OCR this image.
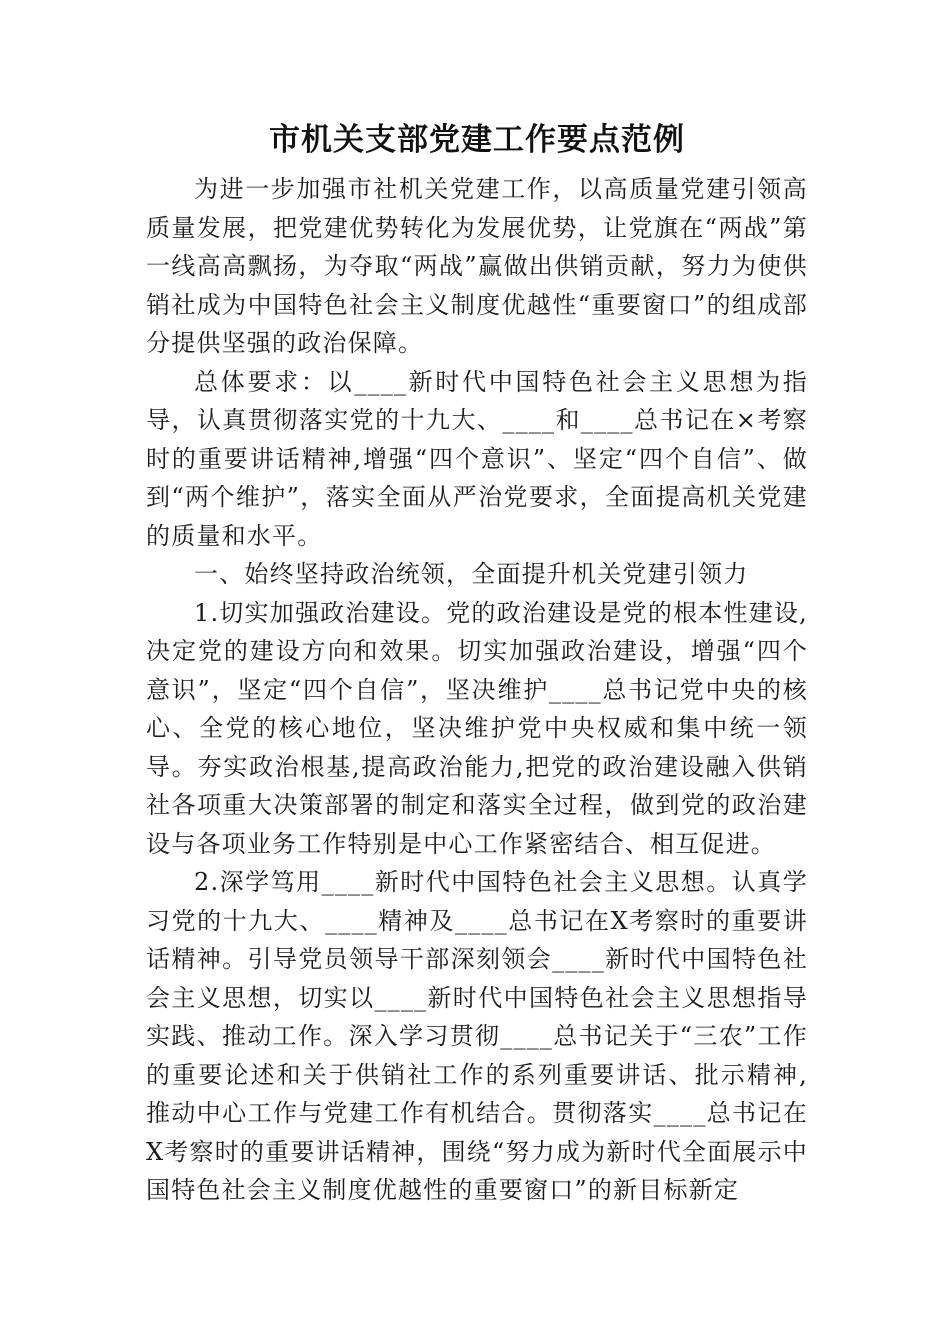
市机关支部党建工作要点范例

为进一步加强市社机关党建工作，以高质量党建引领高质量发展，把党建优势转化为发展优势，让党旗在“两战”第一线高高飘扬，为夺取“两战”赢做出供销贡献，努力为使供销社成为中国特色社会主义制度优越性“重要窗口”的组成部分提供坚强的政治保障。

总体要求：以____新时代中国特色社会主义思想为指导，认真贯彻落实党的十九大、____和____总书记在×考察时的重要讲话精神,增强“四个意识”、坚定“四个自信”、做到“两个维护”，落实全面从严治党要求，全面提高机关党建的质量和水平。

一、始终坚持政治统领，全面提升机关党建引领力

1.切实加强政治建设。党的政治建设是党的根本性建设,决定党的建设方向和效果。切实加强政治建设，增强“四个意识”，坚定“四个自信”，坚决维护____总书记党中央的核心、全党的核心地位，坚决维护党中央权威和集中统一领导。夯实政治根基,提高政治能力,把党的政治建设融入供销社各项重大决策部署的制定和落实全过程，做到党的政治建设与各项业务工作特别是中心工作紧密结合、相互促进。

2.深学笃用____新时代中国特色社会主义思想。认真学习党的十九大、____精神及____总书记在X考察时的重要讲话精神。引导党员领导干部深刻领会____新时代中国特色社会主义思想，切实以____新时代中国特色社会主义思想指导实践、推动工作。深入学习贯彻____总书记关于“三农”工作的重要论述和关于供销社工作的系列重要讲话、批示精神,推动中心工作与党建工作有机结合。贯彻落实____总书记在X考察时的重要讲话精神，围绕“努力成为新时代全面展示中国特色社会主义制度优越性的重要窗口”的新目标新定
